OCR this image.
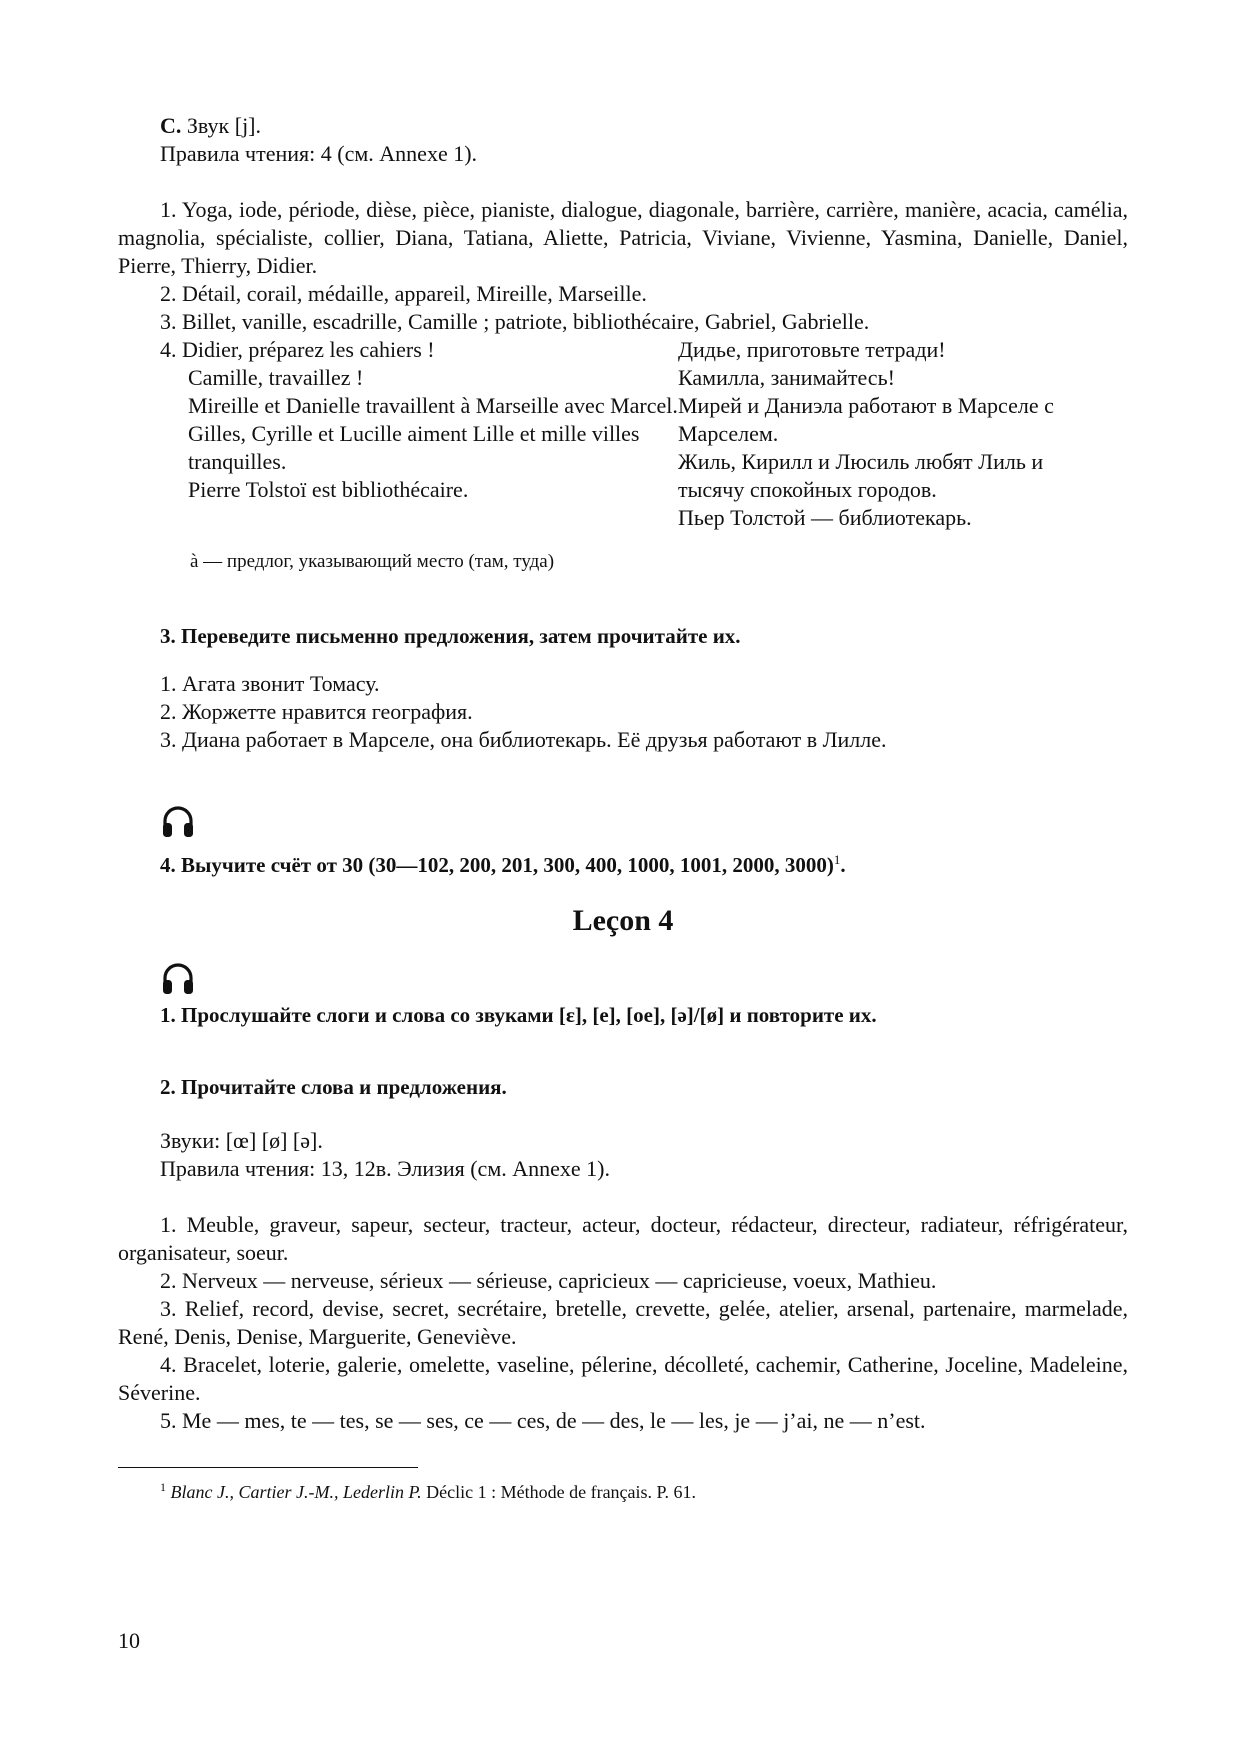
C. Звук [j].

Правила чтения: 4 (см. Annexe 1).

1. Yoga, iode, période, dièse, pièce, pianiste, dialogue, diagonale, barrière, carrière, manière, acacia, camélia, magnolia, spécialiste, collier, Diana, Tatiana, Aliette, Patricia, Viviane, Vivienne, Yasmina, Danielle, Daniel, Pierre, Thierry, Didier.

2. Détail, corail, médaille, appareil, Mireille, Marseille.

3. Billet, vanille, escadrille, Camille ; patriote, bibliothécaire, Gabriel, Gabrielle.

4. Didier, préparez les cahiers !
Camille, travaillez !
Mireille et Danielle travaillent à Marseille avec Marcel.
Gilles, Cyrille et Lucille aiment Lille et mille villes tranquilles.
Pierre Tolstoï est bibliothécaire.
Дидье, приготовьте тетради!
Камилла, занимайтесь!
Мирей и Даниэла работают в Марселе с Марселем.
Жиль, Кирилл и Люсиль любят Лиль и тысячу спокойных городов.
Пьер Толстой — библиотекарь.

à — предлог, указывающий место (там, туда)

3. Переведите письменно предложения, затем прочитайте их.

1. Агата звонит Томасу.

2. Жоржетте нравится география.

3. Диана работает в Марселе, она библиотекарь. Её друзья работают в Лилле.

4. Выучите счёт от 30 (30—102, 200, 201, 300, 400, 1000, 1001, 2000, 3000)$^1$.

Leçon 4

1. Прослушайте слоги и слова со звуками [ɛ], [e], [oe], [ə]/[ø] и повторите их.

2. Прочитайте слова и предложения.

Звуки: [œ] [ø] [ə].

Правила чтения: 13, 12в. Элизия (см. Annexe 1).

1. Meuble, graveur, sapeur, secteur, tracteur, acteur, docteur, rédacteur, directeur, radiateur, réfrigérateur, organisateur, soeur.

2. Nerveux — nerveuse, sérieux — sérieuse, capricieux — capricieuse, voeux, Mathieu.

3. Relief, record, devise, secret, secrétaire, bretelle, crevette, gelée, atelier, arsenal, partenaire, marmelade, René, Denis, Denise, Marguerite, Geneviève.

4. Bracelet, loterie, galerie, omelette, vaseline, pélerine, décolleté, cachemir, Catherine, Joceline, Madeleine, Séverine.

5. Me — mes, te — tes, se — ses, ce — ces, de — des, le — les, je — j’ai, ne — n’est.

$^1$ Blanc J., Cartier J.-M., Lederlin P. Déclic 1 : Méthode de français. P. 61.

10
